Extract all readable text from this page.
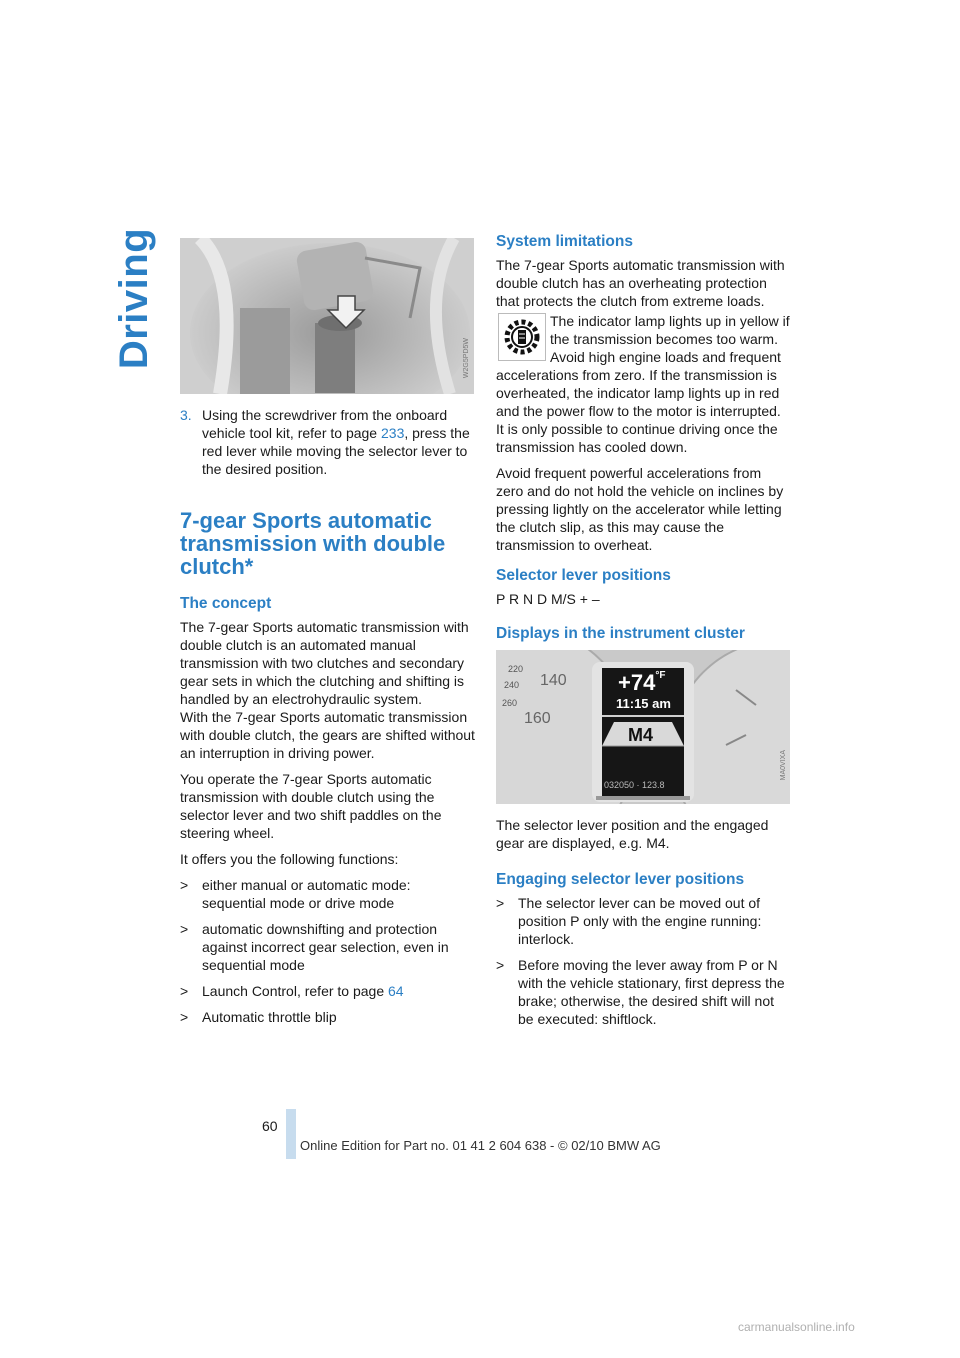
Driving	W2G5PD5W
3. Using the screwdriver from the onboard vehicle tool kit, refer to page 233, press the red lever while moving the selector lever to the desired position.
7-gear Sports automatic transmission with double clutch*
The concept

The 7-gear Sports automatic transmission with double clutch is an automated manual transmission with two clutches and secondary gear sets in which the clutching and shifting is handled by an electrohydraulic system.

With the 7-gear Sports automatic transmission with double clutch, the gears are shifted without an interruption in driving power.

You operate the 7-gear Sports automatic transmission with double clutch using the selector lever and two shift paddles on the steering wheel.

It offers you the following functions:

> either manual or automatic mode: sequential mode or drive mode
> automatic downshifting and protection against incorrect gear selection, even in sequential mode
> Launch Control, refer to page 64
> Automatic throttle blip
System limitations

The 7-gear Sports automatic transmission with double clutch has an overheating protection that protects the clutch from extreme loads.

The indicator lamp lights up in yellow if the transmission becomes too warm. Avoid high engine loads and frequent

accelerations from zero. If the transmission is overheated, the indicator lamp lights up in red and the power flow to the motor is interrupted. It is only possible to continue driving once the transmission has cooled down.

Avoid frequent powerful accelerations from zero and do not hold the vehicle on inclines by pressing lightly on the accelerator while letting the clutch slip, as this may cause the transmission to overheat.

Selector lever positions

P R N D M/S + –

Displays in the instrument cluster
220
240
260
140
160
$+74^{^\circ F}$
11:15 am
M4
032050 · 123.8
MA0VIXA

The selector lever position and the engaged gear are displayed, e.g. M4.

Engaging selector lever positions
> The selector lever can be moved out of position P only with the engine running: interlock.
> Before moving the lever away from P or N with the vehicle stationary, first depress the brake; otherwise, the desired shift will not be executed: shiftlock.
60
Online Edition for Part no. 01 41 2 604 638 - © 02/10 BMW AG
carmanualsonline.info
